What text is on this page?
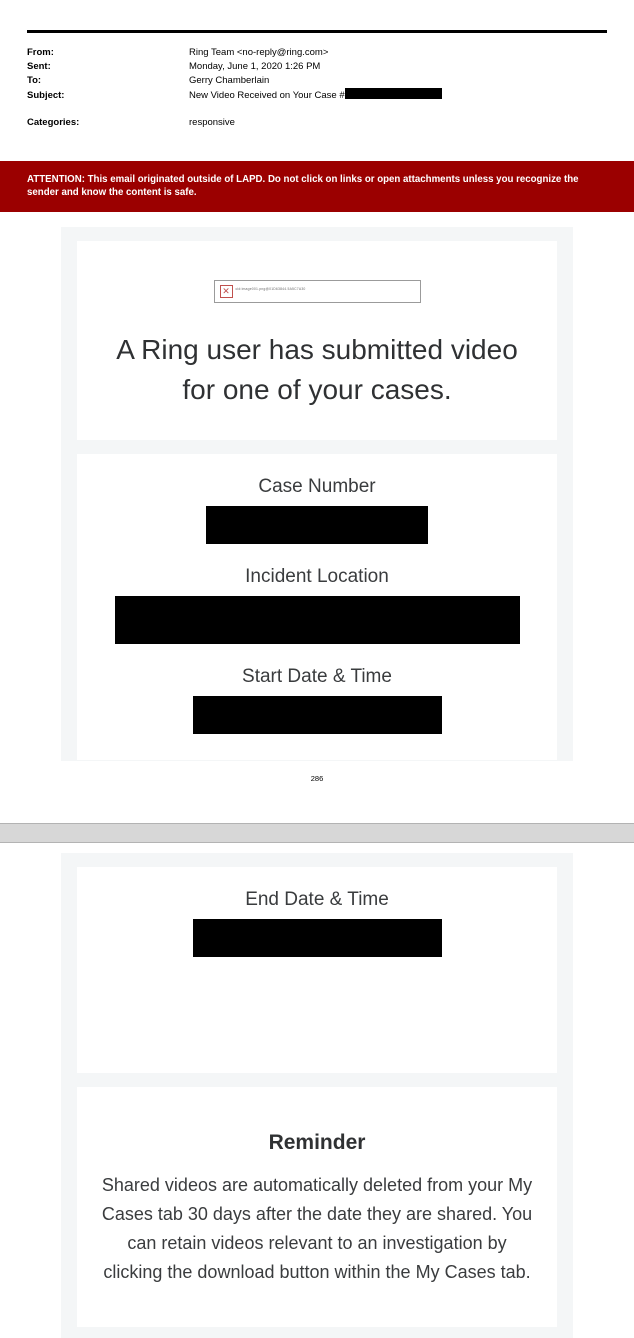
From:	Ring Team <no-reply@ring.com>
Sent:	Monday, June 1, 2020 1:26 PM
To:	Gerry Chamberlain
Subject:	New Video Received on Your Case #
Categories:	responsive
ATTENTION: This email originated outside of LAPD. Do not click on links or open attachments unless you recognize the sender and know the content is safe.
✕	cid:image001.png@01D63844.5A5C7A30
A Ring user has submitted video for one of your cases.
Case Number
Incident Location
Start Date & Time
286
End Date & Time
Reminder
Shared videos are automatically deleted from your My Cases tab 30 days after the date they are shared. You can retain videos relevant to an investigation by clicking the download button within the My Cases tab.
